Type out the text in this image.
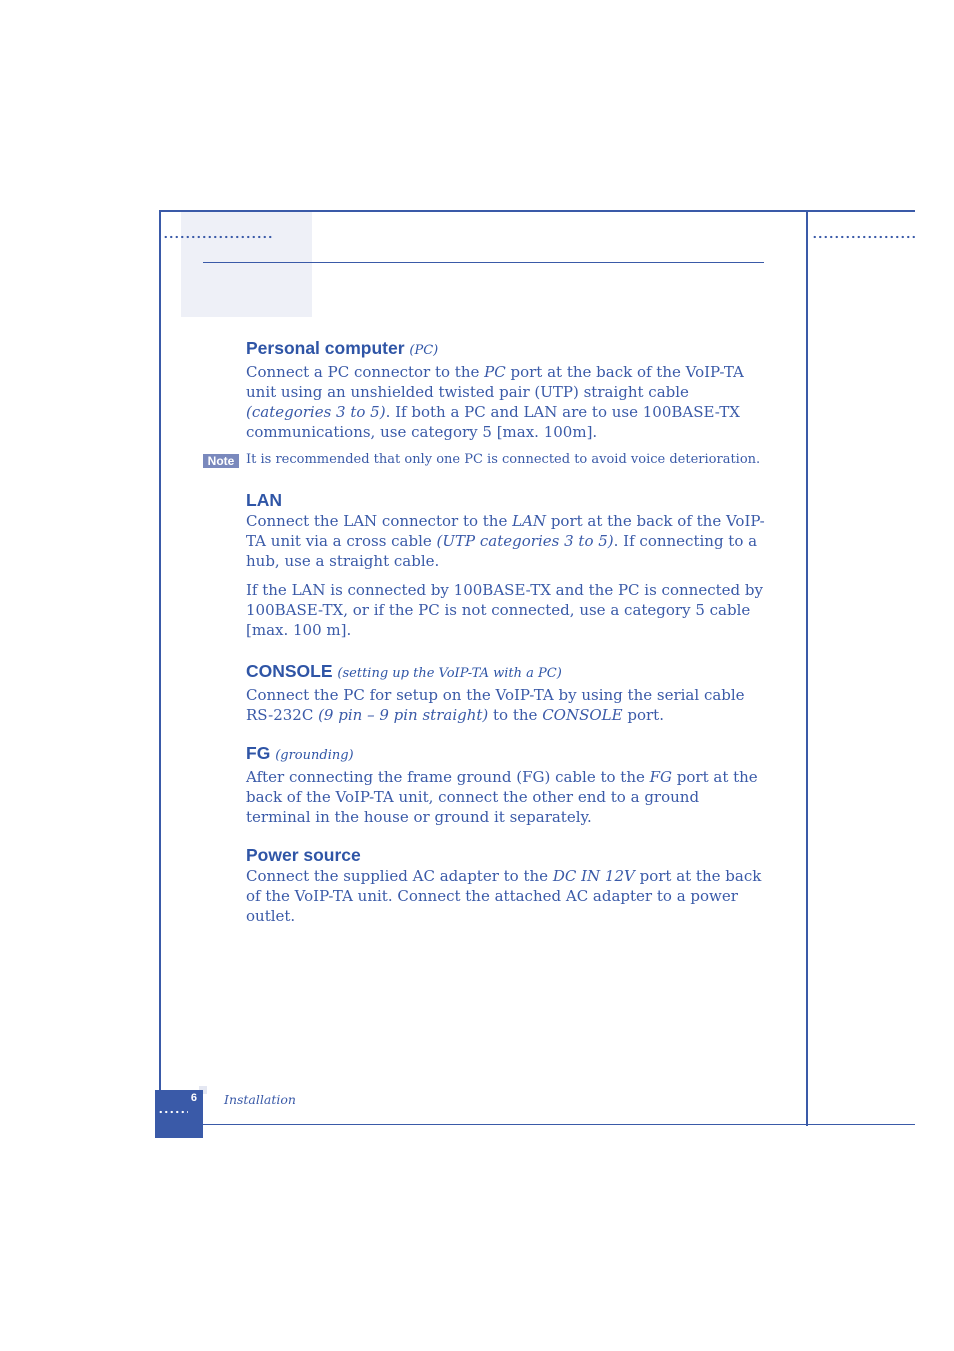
Personal computer (PC)

Connect a PC connector to the PC port at the back of the VoIP-TA unit using an unshielded twisted pair (UTP) straight cable (categories 3 to 5). If both a PC and LAN are to use 100BASE-TX communications, use category 5 [max. 100m].

Note It is recommended that only one PC is connected to avoid voice deterioration.
LAN

Connect the LAN connector to the LAN port at the back of the VoIP-TA unit via a cross cable (UTP categories 3 to 5). If connecting to a hub, use a straight cable.

If the LAN is connected by 100BASE-TX and the PC is connected by 100BASE-TX, or if the PC is not connected, use a category 5 cable [max. 100 m].

CONSOLE (setting up the VoIP-TA with a PC)

Connect the PC for setup on the VoIP-TA by using the serial cable RS-232C (9 pin – 9 pin straight) to the CONSOLE port.

FG (grounding)

After connecting the frame ground (FG) cable to the FG port at the back of the VoIP-TA unit, connect the other end to a ground terminal in the house or ground it separately.

Power source

Connect the supplied AC adapter to the DC IN 12V port at the back of the VoIP-TA unit. Connect the attached AC adapter to a power outlet.

6 Installation
